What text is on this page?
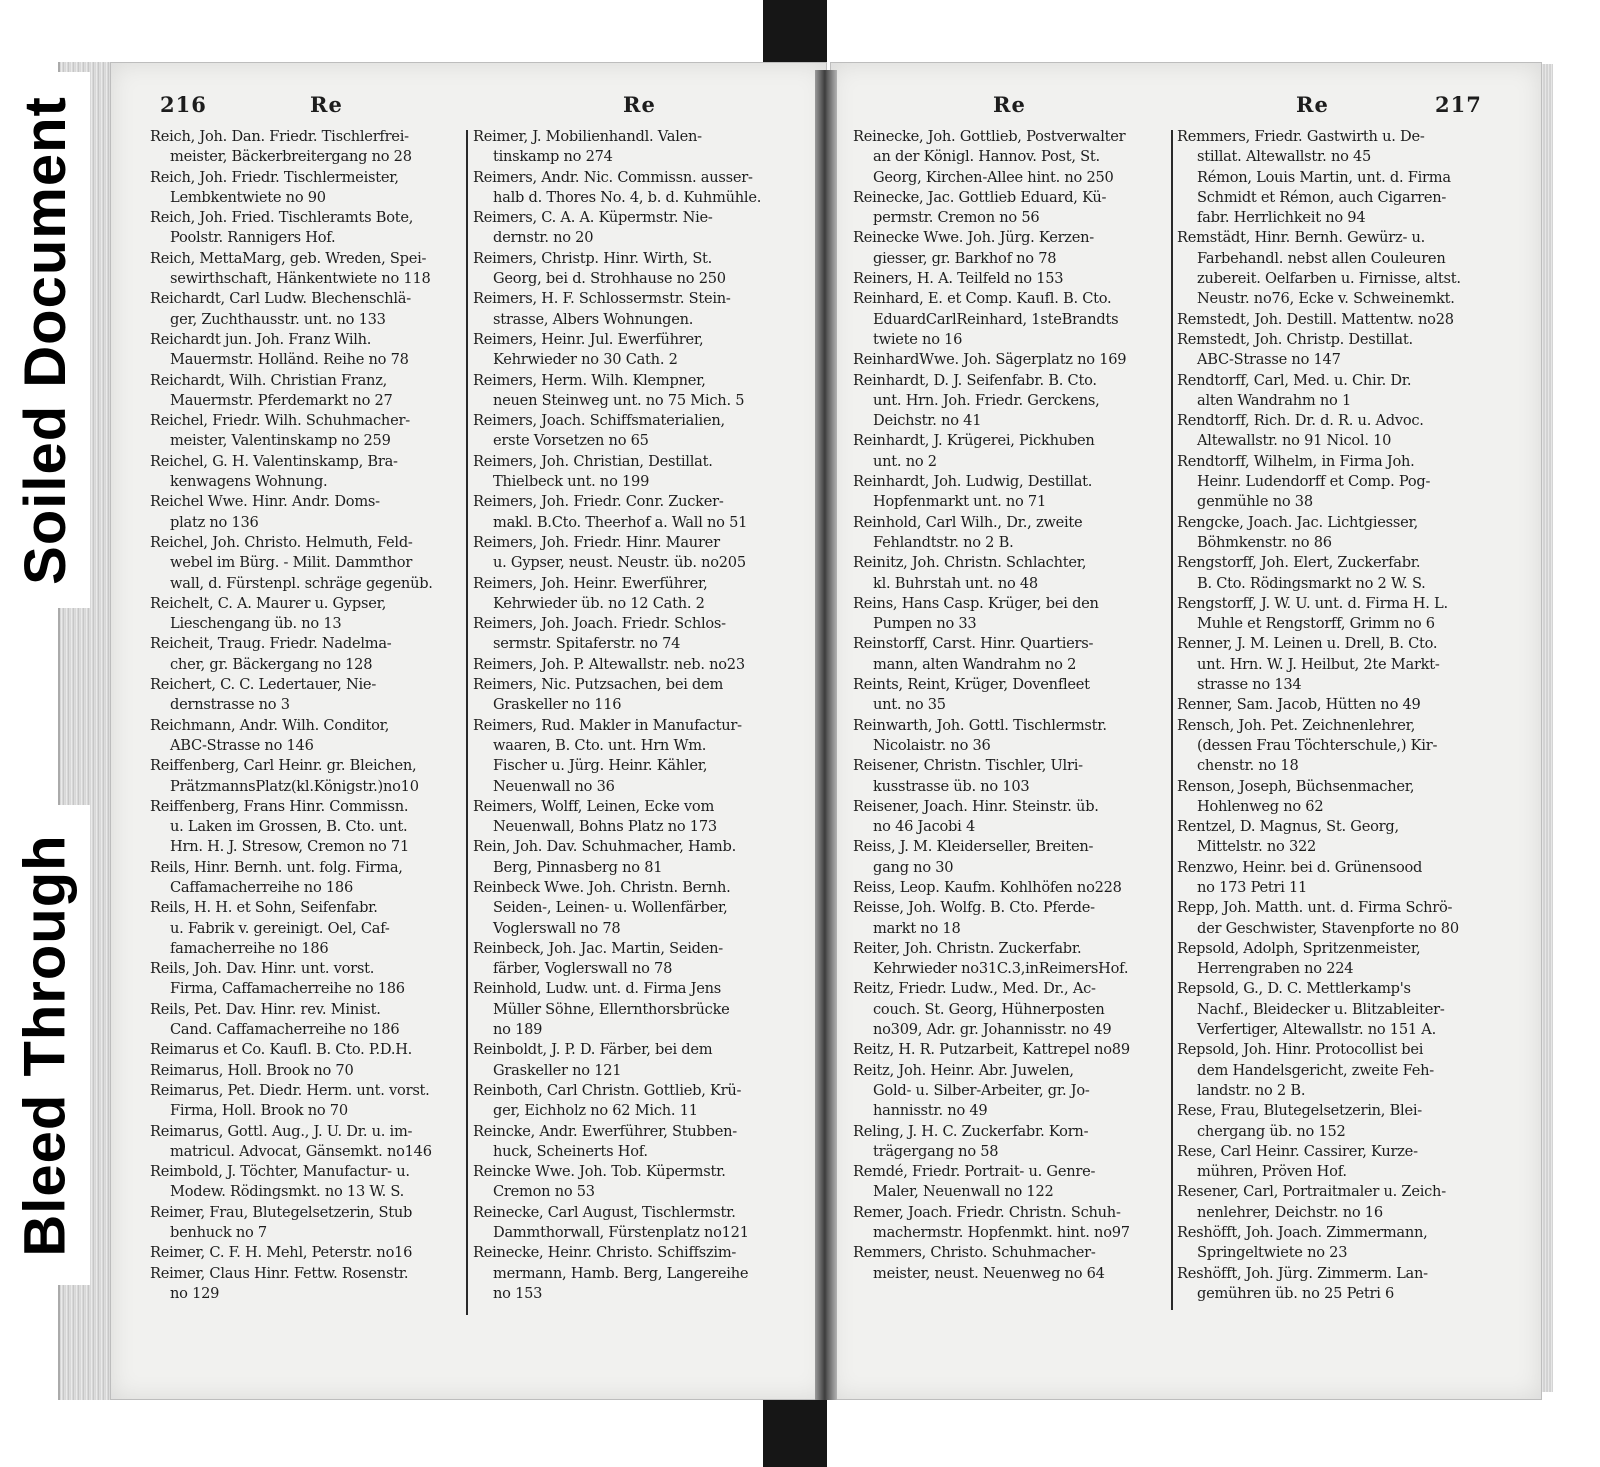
Soiled Document
Bleed Through
216	Re	Re	Re	Re	217
Reich, Joh. Dan. Friedr. Tischlerfrei-
meister, Bäckerbreitergang no 28
Reich, Joh. Friedr. Tischlermeister,
Lembkentwiete no 90
Reich, Joh. Fried. Tischleramts Bote,
Poolstr. Rannigers Hof.
Reich, MettaMarg, geb. Wreden, Spei-
sewirthschaft, Hänkentwiete no 118
Reichardt, Carl Ludw. Blechenschlä-
ger, Zuchthausstr. unt. no 133
Reichardt jun. Joh. Franz Wilh.
Mauermstr. Holländ. Reihe no 78
Reichardt, Wilh. Christian Franz,
Mauermstr. Pferdemarkt no 27
Reichel, Friedr. Wilh. Schuhmacher-
meister, Valentinskamp no 259
Reichel, G. H. Valentinskamp, Bra-
kenwagens Wohnung.
Reichel Wwe. Hinr. Andr. Doms-
platz no 136
Reichel, Joh. Christo. Helmuth, Feld-
webel im Bürg. - Milit. Dammthor
wall, d. Fürstenpl. schräge gegenüb.
Reichelt, C. A. Maurer u. Gypser,
Lieschengang üb. no 13
Reicheit, Traug. Friedr. Nadelma-
cher, gr. Bäckergang no 128
Reichert, C. C. Ledertauer, Nie-
dernstrasse no 3
Reichmann, Andr. Wilh. Conditor,
ABC-Strasse no 146
Reiffenberg, Carl Heinr. gr. Bleichen,
PrätzmannsPlatz(kl.Königstr.)no10
Reiffenberg, Frans Hinr. Commissn.
u. Laken im Grossen, B. Cto. unt.
Hrn. H. J. Stresow, Cremon no 71
Reils, Hinr. Bernh. unt. folg. Firma,
Caffamacherreihe no 186
Reils, H. H. et Sohn, Seifenfabr.
u. Fabrik v. gereinigt. Oel, Caf-
famacherreihe no 186
Reils, Joh. Dav. Hinr. unt. vorst.
Firma, Caffamacherreihe no 186
Reils, Pet. Dav. Hinr. rev. Minist.
Cand. Caffamacherreihe no 186
Reimarus et Co. Kaufl. B. Cto. P.D.H.
Reimarus, Holl. Brook no 70
Reimarus, Pet. Diedr. Herm. unt. vorst.
Firma, Holl. Brook no 70
Reimarus, Gottl. Aug., J. U. Dr. u. im-
matricul. Advocat, Gänsemkt. no146
Reimbold, J. Töchter, Manufactur- u.
Modew. Rödingsmkt. no 13 W. S.
Reimer, Frau, Blutegelsetzerin, Stub
benhuck no 7
Reimer, C. F. H. Mehl, Peterstr. no16
Reimer, Claus Hinr. Fettw. Rosenstr.
no 129
Reimer, J. Mobilienhandl. Valen-
tinskamp no 274
Reimers, Andr. Nic. Commissn. ausser-
halb d. Thores No. 4, b. d. Kuhmühle.
Reimers, C. A. A. Küpermstr. Nie-
dernstr. no 20
Reimers, Christp. Hinr. Wirth, St.
Georg, bei d. Strohhause no 250
Reimers, H. F. Schlossermstr. Stein-
strasse, Albers Wohnungen.
Reimers, Heinr. Jul. Ewerführer,
Kehrwieder no 30 Cath. 2
Reimers, Herm. Wilh. Klempner,
neuen Steinweg unt. no 75 Mich. 5
Reimers, Joach. Schiffsmaterialien,
erste Vorsetzen no 65
Reimers, Joh. Christian, Destillat.
Thielbeck unt. no 199
Reimers, Joh. Friedr. Conr. Zucker-
makl. B.Cto. Theerhof a. Wall no 51
Reimers, Joh. Friedr. Hinr. Maurer
u. Gypser, neust. Neustr. üb. no205
Reimers, Joh. Heinr. Ewerführer,
Kehrwieder üb. no 12 Cath. 2
Reimers, Joh. Joach. Friedr. Schlos-
sermstr. Spitaferstr. no 74
Reimers, Joh. P. Altewallstr. neb. no23
Reimers, Nic. Putzsachen, bei dem
Graskeller no 116
Reimers, Rud. Makler in Manufactur-
waaren, B. Cto. unt. Hrn Wm.
Fischer u. Jürg. Heinr. Kähler,
Neuenwall no 36
Reimers, Wolff, Leinen, Ecke vom
Neuenwall, Bohns Platz no 173
Rein, Joh. Dav. Schuhmacher, Hamb.
Berg, Pinnasberg no 81
Reinbeck Wwe. Joh. Christn. Bernh.
Seiden-, Leinen- u. Wollenfärber,
Voglerswall no 78
Reinbeck, Joh. Jac. Martin, Seiden-
färber, Voglerswall no 78
Reinhold, Ludw. unt. d. Firma Jens
Müller Söhne, Ellernthorsbrücke
no 189
Reinboldt, J. P. D. Färber, bei dem
Graskeller no 121
Reinboth, Carl Christn. Gottlieb, Krü-
ger, Eichholz no 62 Mich. 11
Reincke, Andr. Ewerführer, Stubben-
huck, Scheinerts Hof.
Reincke Wwe. Joh. Tob. Küpermstr.
Cremon no 53
Reinecke, Carl August, Tischlermstr.
Dammthorwall, Fürstenplatz no121
Reinecke, Heinr. Christo. Schiffszim-
mermann, Hamb. Berg, Langereihe
no 153
Reinecke, Joh. Gottlieb, Postverwalter
an der Königl. Hannov. Post, St.
Georg, Kirchen-Allee hint. no 250
Reinecke, Jac. Gottlieb Eduard, Kü-
permstr. Cremon no 56
Reinecke Wwe. Joh. Jürg. Kerzen-
giesser, gr. Barkhof no 78
Reiners, H. A. Teilfeld no 153
Reinhard, E. et Comp. Kaufl. B. Cto.
EduardCarlReinhard, 1steBrandts
twiete no 16
ReinhardWwe. Joh. Sägerplatz no 169
Reinhardt, D. J. Seifenfabr. B. Cto.
unt. Hrn. Joh. Friedr. Gerckens,
Deichstr. no 41
Reinhardt, J. Krügerei, Pickhuben
unt. no 2
Reinhardt, Joh. Ludwig, Destillat.
Hopfenmarkt unt. no 71
Reinhold, Carl Wilh., Dr., zweite
Fehlandtstr. no 2 B.
Reinitz, Joh. Christn. Schlachter,
kl. Buhrstah unt. no 48
Reins, Hans Casp. Krüger, bei den
Pumpen no 33
Reinstorff, Carst. Hinr. Quartiers-
mann, alten Wandrahm no 2
Reints, Reint, Krüger, Dovenfleet
unt. no 35
Reinwarth, Joh. Gottl. Tischlermstr.
Nicolaistr. no 36
Reisener, Christn. Tischler, Ulri-
kusstrasse üb. no 103
Reisener, Joach. Hinr. Steinstr. üb.
no 46 Jacobi 4
Reiss, J. M. Kleiderseller, Breiten-
gang no 30
Reiss, Leop. Kaufm. Kohlhöfen no228
Reisse, Joh. Wolfg. B. Cto. Pferde-
markt no 18
Reiter, Joh. Christn. Zuckerfabr.
Kehrwieder no31C.3,inReimersHof.
Reitz, Friedr. Ludw., Med. Dr., Ac-
couch. St. Georg, Hühnerposten
no309, Adr. gr. Johannisstr. no 49
Reitz, H. R. Putzarbeit, Kattrepel no89
Reitz, Joh. Heinr. Abr. Juwelen,
Gold- u. Silber-Arbeiter, gr. Jo-
hannisstr. no 49
Reling, J. H. C. Zuckerfabr. Korn-
trägergang no 58
Remdé, Friedr. Portrait- u. Genre-
Maler, Neuenwall no 122
Remer, Joach. Friedr. Christn. Schuh-
machermstr. Hopfenmkt. hint. no97
Remmers, Christo. Schuhmacher-
meister, neust. Neuenweg no 64
Remmers, Friedr. Gastwirth u. De-
stillat. Altewallstr. no 45
Rémon, Louis Martin, unt. d. Firma
Schmidt et Rémon, auch Cigarren-
fabr. Herrlichkeit no 94
Remstädt, Hinr. Bernh. Gewürz- u.
Farbehandl. nebst allen Couleuren
zubereit. Oelfarben u. Firnisse, altst.
Neustr. no76, Ecke v. Schweinemkt.
Remstedt, Joh. Destill. Mattentw. no28
Remstedt, Joh. Christp. Destillat.
ABC-Strasse no 147
Rendtorff, Carl, Med. u. Chir. Dr.
alten Wandrahm no 1
Rendtorff, Rich. Dr. d. R. u. Advoc.
Altewallstr. no 91 Nicol. 10
Rendtorff, Wilhelm, in Firma Joh.
Heinr. Ludendorff et Comp. Pog-
genmühle no 38
Rengcke, Joach. Jac. Lichtgiesser,
Böhmkenstr. no 86
Rengstorff, Joh. Elert, Zuckerfabr.
B. Cto. Rödingsmarkt no 2 W. S.
Rengstorff, J. W. U. unt. d. Firma H. L.
Muhle et Rengstorff, Grimm no 6
Renner, J. M. Leinen u. Drell, B. Cto.
unt. Hrn. W. J. Heilbut, 2te Markt-
strasse no 134
Renner, Sam. Jacob, Hütten no 49
Rensch, Joh. Pet. Zeichnenlehrer,
(dessen Frau Töchterschule,) Kir-
chenstr. no 18
Renson, Joseph, Büchsenmacher,
Hohlenweg no 62
Rentzel, D. Magnus, St. Georg,
Mittelstr. no 322
Renzwo, Heinr. bei d. Grünensood
no 173 Petri 11
Repp, Joh. Matth. unt. d. Firma Schrö-
der Geschwister, Stavenpforte no 80
Repsold, Adolph, Spritzenmeister,
Herrengraben no 224
Repsold, G., D. C. Mettlerkamp's
Nachf., Bleidecker u. Blitzableiter-
Verfertiger, Altewallstr. no 151 A.
Repsold, Joh. Hinr. Protocollist bei
dem Handelsgericht, zweite Feh-
landstr. no 2 B.
Rese, Frau, Blutegelsetzerin, Blei-
chergang üb. no 152
Rese, Carl Heinr. Cassirer, Kurze-
mühren, Pröven Hof.
Resener, Carl, Portraitmaler u. Zeich-
nenlehrer, Deichstr. no 16
Reshöfft, Joh. Joach. Zimmermann,
Springeltwiete no 23
Reshöfft, Joh. Jürg. Zimmerm. Lan-
gemühren üb. no 25 Petri 6
